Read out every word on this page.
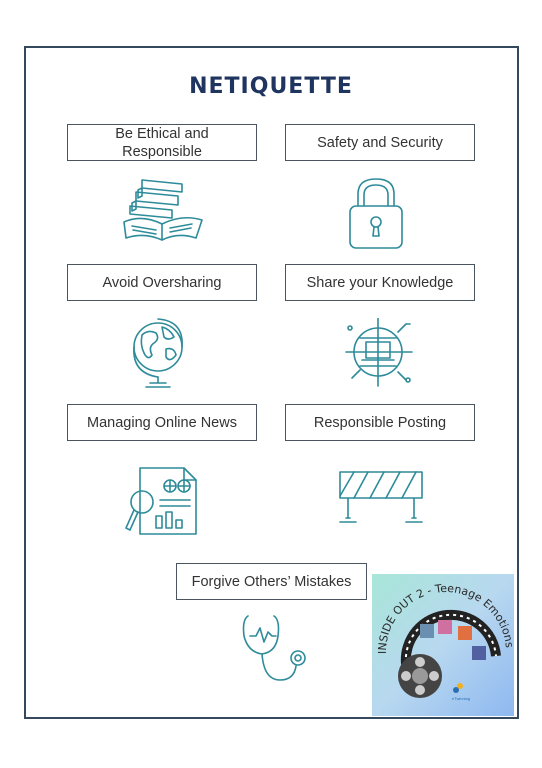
NETIQUETTE
Be Ethical and Responsible
Safety and Security
Avoid Oversharing	Share your Knowledge
Managing Online News	Responsible Posting
Forgive Others’ Mistakes
INSIDE OUT 2 - Teenage Emotion
eTwinning
